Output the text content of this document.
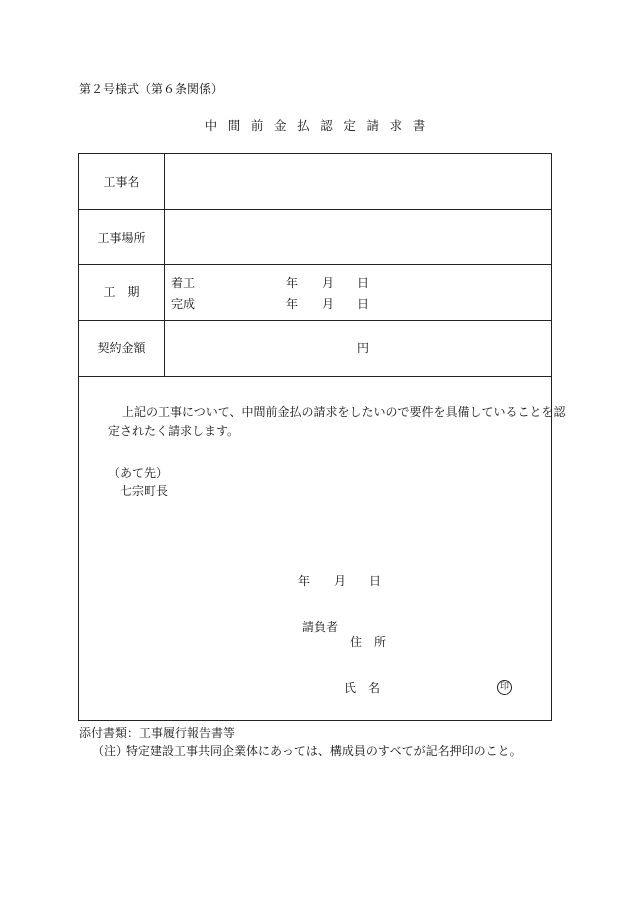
第２号様式（第６条関係）
中間前金払認定請求書
工事名
工事場所
工　期
着工	年 月 日
完成	年 月 日
契約金額	円
上記の工事について、中間前金払の請求をしたいので要件を具備していることを認
定されたく請求します。
（あて先）
七宗町長
年 月 日
請負者
住　所
氏　名	印
添付書類：工事履行報告書等
（注）
特定建設工事共同企業体にあっては、構成員のすべてが記名押印のこと。
